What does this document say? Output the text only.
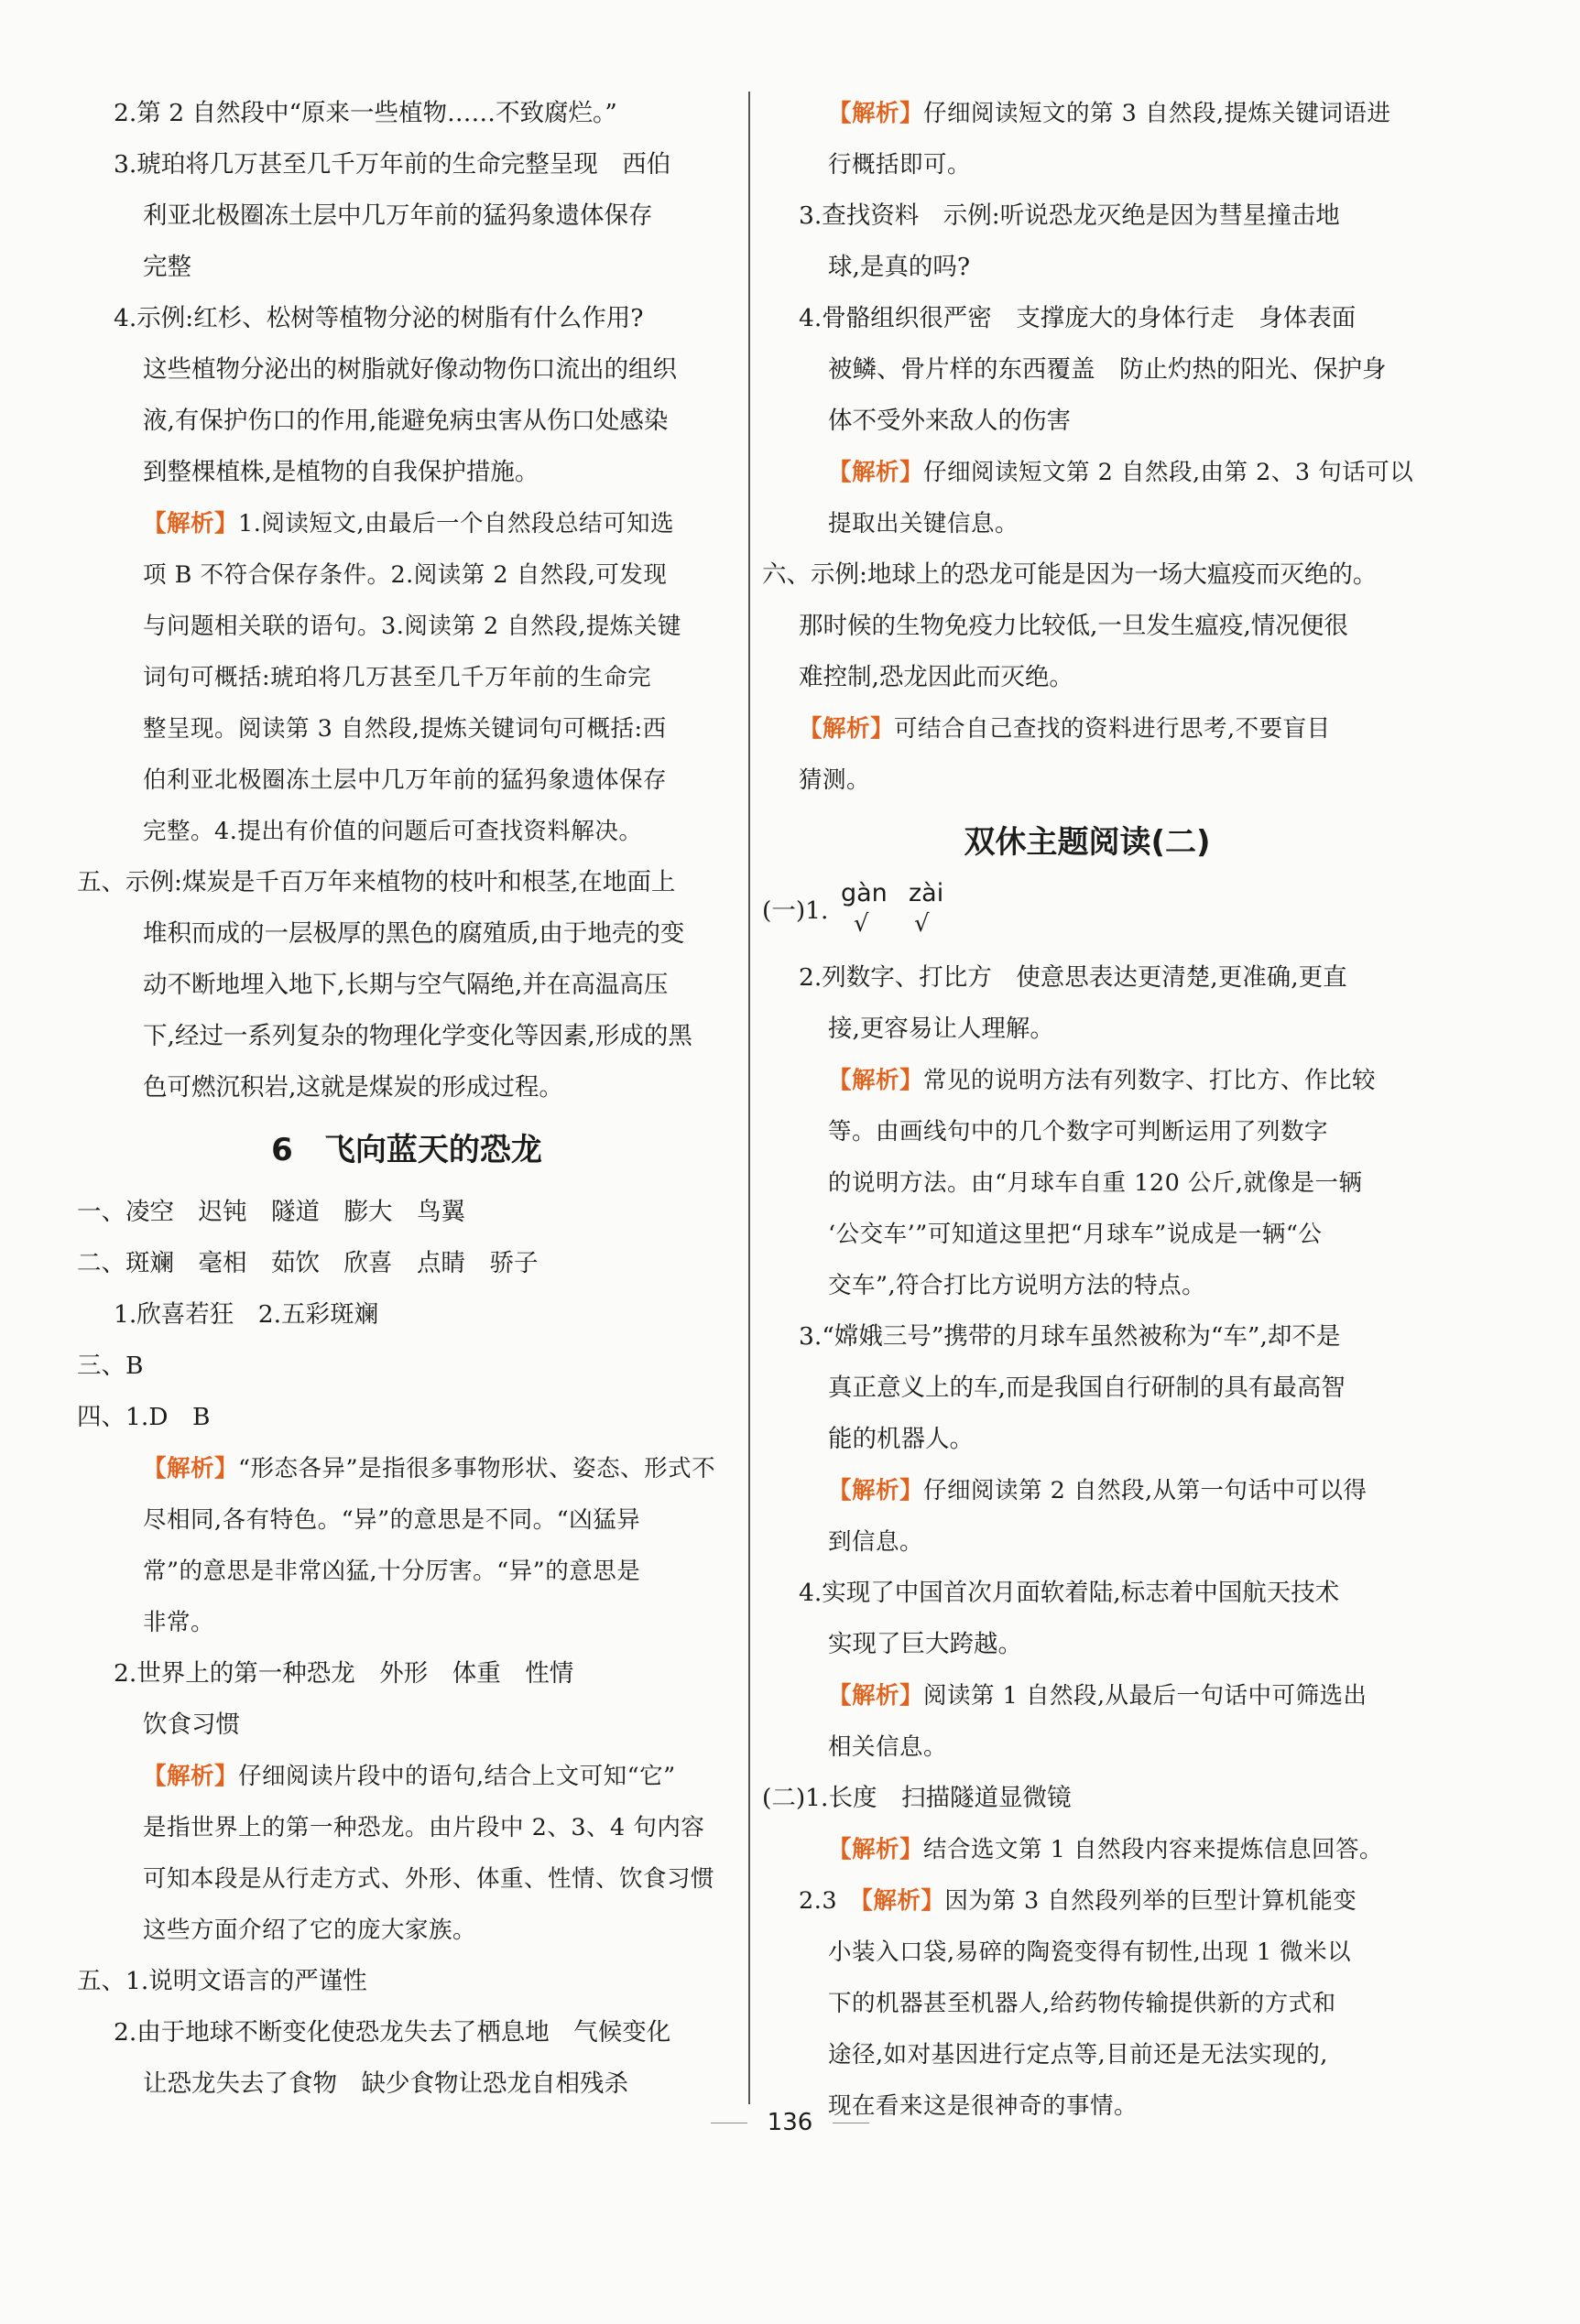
2.第 2 自然段中“原来一些植物……不致腐烂。”
3.琥珀将几万甚至几千万年前的生命完整呈现　西伯
利亚北极圈冻土层中几万年前的猛犸象遗体保存
完整
4.示例:红杉、松树等植物分泌的树脂有什么作用?
这些植物分泌出的树脂就好像动物伤口流出的组织
液,有保护伤口的作用,能避免病虫害从伤口处感染
到整棵植株,是植物的自我保护措施。
【解析】1.阅读短文,由最后一个自然段总结可知选
项 B 不符合保存条件。2.阅读第 2 自然段,可发现
与问题相关联的语句。3.阅读第 2 自然段,提炼关键
词句可概括:琥珀将几万甚至几千万年前的生命完
整呈现。阅读第 3 自然段,提炼关键词句可概括:西
伯利亚北极圈冻土层中几万年前的猛犸象遗体保存
完整。4.提出有价值的问题后可查找资料解决。
五、示例:煤炭是千百万年来植物的枝叶和根茎,在地面上
堆积而成的一层极厚的黑色的腐殖质,由于地壳的变
动不断地埋入地下,长期与空气隔绝,并在高温高压
下,经过一系列复杂的物理化学变化等因素,形成的黑
色可燃沉积岩,这就是煤炭的形成过程。
6　飞向蓝天的恐龙
一、凌空　迟钝　隧道　膨大　鸟翼
二、斑斓　毫相　茹饮　欣喜　点睛　骄子
1.欣喜若狂　2.五彩斑斓
三、B
四、1.D　B
【解析】“形态各异”是指很多事物形状、姿态、形式不
尽相同,各有特色。“异”的意思是不同。“凶猛异
常”的意思是非常凶猛,十分厉害。“异”的意思是
非常。
2.世界上的第一种恐龙　外形　体重　性情
饮食习惯
【解析】仔细阅读片段中的语句,结合上文可知“它”
是指世界上的第一种恐龙。由片段中 2、3、4 句内容
可知本段是从行走方式、外形、体重、性情、饮食习惯
这些方面介绍了它的庞大家族。
五、1.说明文语言的严谨性
2.由于地球不断变化使恐龙失去了栖息地　气候变化
让恐龙失去了食物　缺少食物让恐龙自相残杀
【解析】仔细阅读短文的第 3 自然段,提炼关键词语进
行概括即可。
3.查找资料　示例:听说恐龙灭绝是因为彗星撞击地
球,是真的吗?
4.骨骼组织很严密　支撑庞大的身体行走　身体表面
被鳞、骨片样的东西覆盖　防止灼热的阳光、保护身
体不受外来敌人的伤害
【解析】仔细阅读短文第 2 自然段,由第 2、3 句话可以
提取出关键信息。
六、示例:地球上的恐龙可能是因为一场大瘟疫而灭绝的。
那时候的生物免疫力比较低,一旦发生瘟疫,情况便很
难控制,恐龙因此而灭绝。
【解析】可结合自己查找的资料进行思考,不要盲目
猜测。
双休主题阅读(二)
(一)1.
gàn zài
√ √
2.列数字、打比方　使意思表达更清楚,更准确,更直
接,更容易让人理解。
【解析】常见的说明方法有列数字、打比方、作比较
等。由画线句中的几个数字可判断运用了列数字
的说明方法。由“月球车自重 120 公斤,就像是一辆
‘公交车’”可知道这里把“月球车”说成是一辆“公
交车”,符合打比方说明方法的特点。
3.“嫦娥三号”携带的月球车虽然被称为“车”,却不是
真正意义上的车,而是我国自行研制的具有最高智
能的机器人。
【解析】仔细阅读第 2 自然段,从第一句话中可以得
到信息。
4.实现了中国首次月面软着陆,标志着中国航天技术
实现了巨大跨越。
【解析】阅读第 1 自然段,从最后一句话中可筛选出
相关信息。
(二)1.长度　扫描隧道显微镜
【解析】结合选文第 1 自然段内容来提炼信息回答。
2.3　 【解析】因为第 3 自然段列举的巨型计算机能变
小装入口袋,易碎的陶瓷变得有韧性,出现 1 微米以
下的机器甚至机器人,给药物传输提供新的方式和
途径,如对基因进行定点等,目前还是无法实现的,
现在看来这是很神奇的事情。
136
